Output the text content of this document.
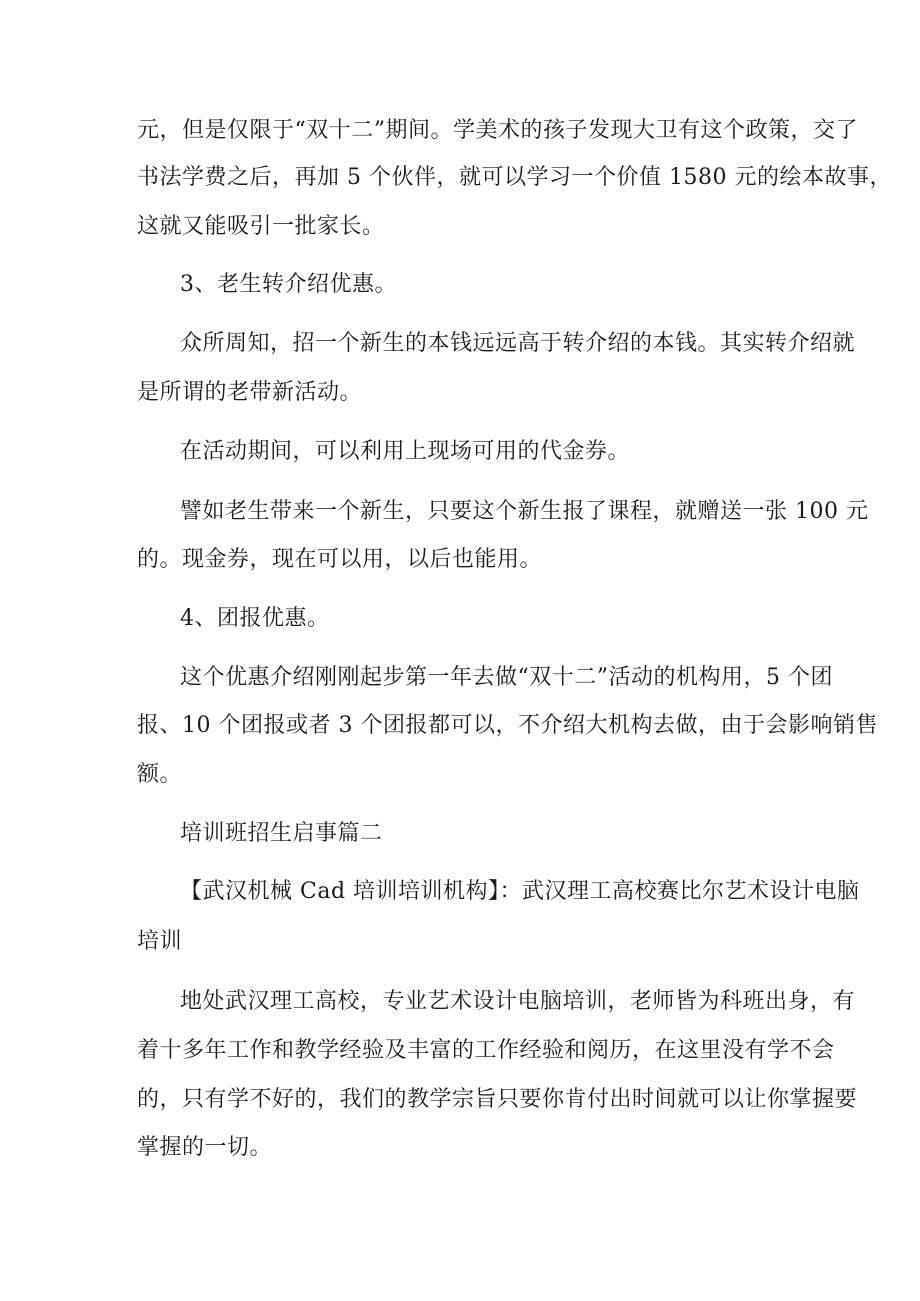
元，但是仅限于“双十二”期间。学美术的孩子发现大卫有这个政策，交了
书法学费之后，再加 5 个伙伴，就可以学习一个价值 1580 元的绘本故事，
这就又能吸引一批家长。
3、老生转介绍优惠。
众所周知，招一个新生的本钱远远高于转介绍的本钱。其实转介绍就
是所谓的老带新活动。
在活动期间，可以利用上现场可用的代金券。
譬如老生带来一个新生，只要这个新生报了课程，就赠送一张 100 元
的。现金券，现在可以用，以后也能用。
4、团报优惠。
这个优惠介绍刚刚起步第一年去做“双十二”活动的机构用，5 个团
报、10 个团报或者 3 个团报都可以，不介绍大机构去做，由于会影响销售
额。
培训班招生启事篇二
【武汉机械 Cad 培训培训机构】：武汉理工高校赛比尔艺术设计电脑
培训
地处武汉理工高校，专业艺术设计电脑培训，老师皆为科班出身，有
着十多年工作和教学经验及丰富的工作经验和阅历，在这里没有学不会
的，只有学不好的，我们的教学宗旨只要你肯付出时间就可以让你掌握要
掌握的一切。
